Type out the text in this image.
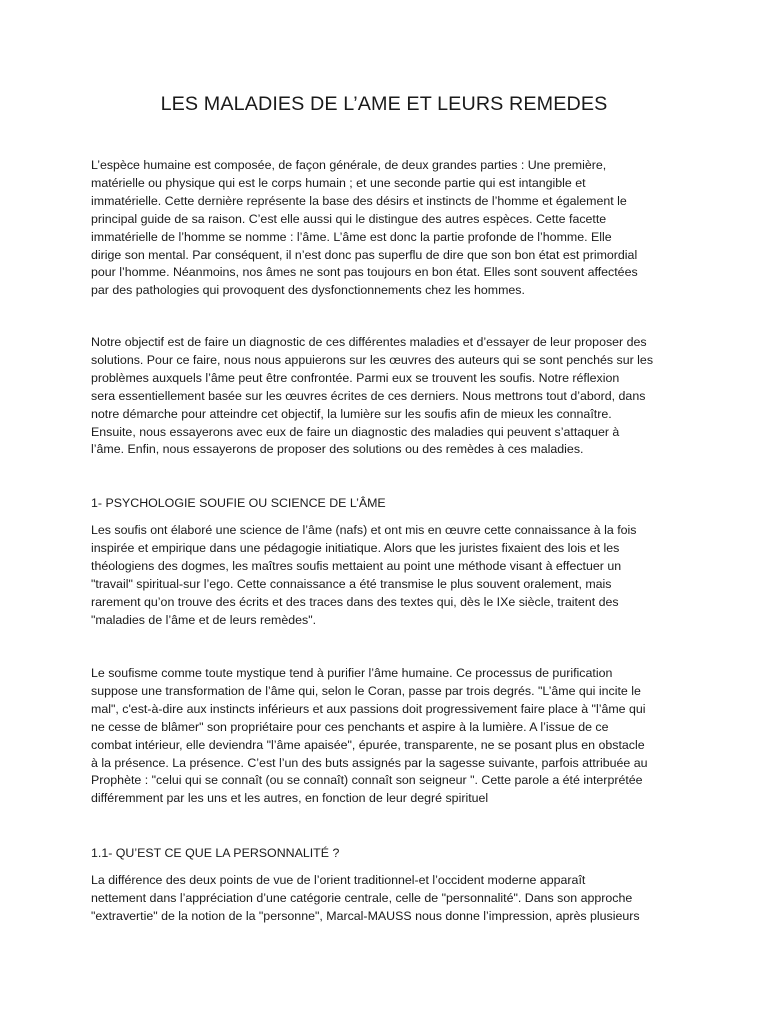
LES MALADIES DE L’AME ET LEURS REMEDES

L’espèce humaine est composée, de façon générale, de deux grandes parties : Une première,
matérielle ou physique qui est le corps humain ; et une seconde partie qui est intangible et
immatérielle. Cette dernière représente la base des désirs et instincts de l’homme et également le
principal guide de sa raison. C’est elle aussi qui le distingue des autres espèces. Cette facette
immatérielle de l’homme se nomme : l’âme. L’âme est donc la partie profonde de l’homme. Elle
dirige son mental. Par conséquent, il n’est donc pas superflu de dire que son bon état est primordial
pour l’homme. Néanmoins, nos âmes ne sont pas toujours en bon état. Elles sont souvent affectées
par des pathologies qui provoquent des dysfonctionnements chez les hommes.

Notre objectif est de faire un diagnostic de ces différentes maladies et d’essayer de leur proposer des
solutions. Pour ce faire, nous nous appuierons sur les œuvres des auteurs qui se sont penchés sur les
problèmes auxquels l’âme peut être confrontée. Parmi eux se trouvent les soufis. Notre réflexion
sera essentiellement basée sur les œuvres écrites de ces derniers. Nous mettrons tout d’abord, dans
notre démarche pour atteindre cet objectif, la lumière sur les soufis afin de mieux les connaître.
Ensuite, nous essayerons avec eux de faire un diagnostic des maladies qui peuvent s’attaquer à
l’âme. Enfin, nous essayerons de proposer des solutions ou des remèdes à ces maladies.

1- PSYCHOLOGIE SOUFIE OU SCIENCE DE L’ÂME

Les soufis ont élaboré une science de l’âme (nafs) et ont mis en œuvre cette connaissance à la fois
inspirée et empirique dans une pédagogie initiatique. Alors que les juristes fixaient des lois et les
théologiens des dogmes, les maîtres soufis mettaient au point une méthode visant à effectuer un
"travail" spiritual-sur l’ego. Cette connaissance a été transmise le plus souvent oralement, mais
rarement qu’on trouve des écrits et des traces dans des textes qui, dès le IXe siècle, traitent des
"maladies de l’âme et de leurs remèdes".

Le soufisme comme toute mystique tend à purifier l’âme humaine. Ce processus de purification
suppose une transformation de l’âme qui, selon le Coran, passe par trois degrés. "L’âme qui incite le
mal", c'est-à-dire aux instincts inférieurs et aux passions doit progressivement faire place à "l’âme qui
ne cesse de blâmer" son propriétaire pour ces penchants et aspire à la lumière. A l’issue de ce
combat intérieur, elle deviendra "l’âme apaisée", épurée, transparente, ne se posant plus en obstacle
à la présence. La présence. C’est l’un des buts assignés par la sagesse suivante, parfois attribuée au
Prophète : "celui qui se connaît (ou se connaît) connaît son seigneur ". Cette parole a été interprétée
différemment par les uns et les autres, en fonction de leur degré spirituel

1.1- QU’EST CE QUE LA PERSONNALITÉ ?

La différence des deux points de vue de l’orient traditionnel-et l’occident moderne apparaît
nettement dans l’appréciation d’une catégorie centrale, celle de "personnalité". Dans son approche
"extravertie" de la notion de la "personne", Marcal-MAUSS nous donne l’impression, après plusieurs
